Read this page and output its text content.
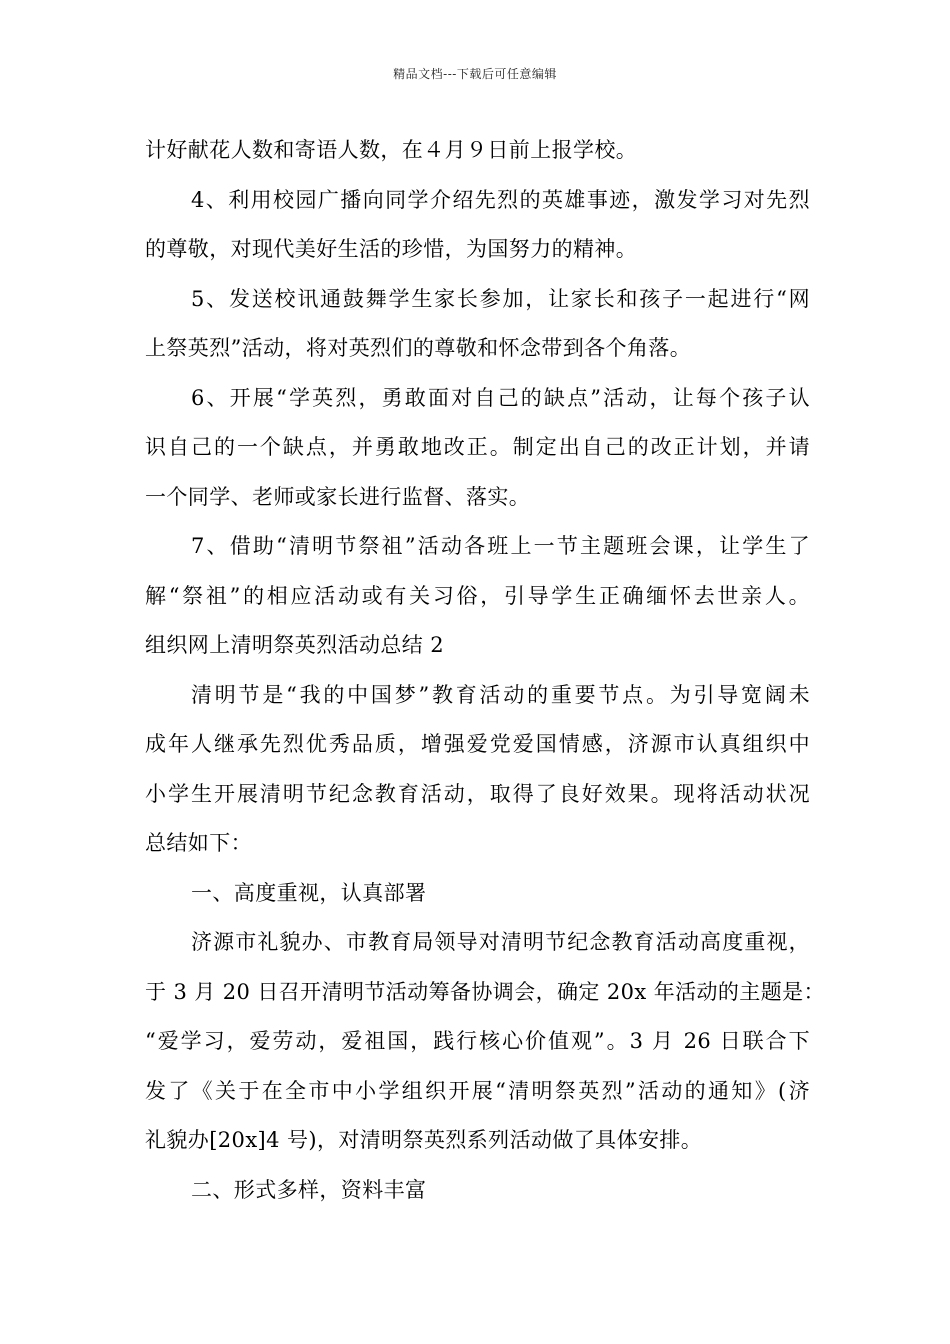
精品文档---下载后可任意编辑
计好献花人数和寄语人数，在４月９日前上报学校。
4、利用校园广播向同学介绍先烈的英雄事迹，激发学习对先烈
的尊敬，对现代美好生活的珍惜，为国努力的精神。
5、发送校讯通鼓舞学生家长参加，让家长和孩子一起进行“网
上祭英烈”活动，将对英烈们的尊敬和怀念带到各个角落。
6、开展“学英烈，勇敢面对自己的缺点”活动，让每个孩子认
识自己的一个缺点，并勇敢地改正。制定出自己的改正计划，并请
一个同学、老师或家长进行监督、落实。
7、借助“清明节祭祖”活动各班上一节主题班会课，让学生了
解“祭祖”的相应活动或有关习俗，引导学生正确缅怀去世亲人。
组织网上清明祭英烈活动总结 2
清明节是“我的中国梦”教育活动的重要节点。为引导宽阔未
成年人继承先烈优秀品质，增强爱党爱国情感，济源市认真组织中
小学生开展清明节纪念教育活动，取得了良好效果。现将活动状况
总结如下：
一、高度重视，认真部署
济源市礼貌办、市教育局领导对清明节纪念教育活动高度重视，
于 3 月 20 日召开清明节活动筹备协调会，确定 20x 年活动的主题是：
“爱学习，爱劳动，爱祖国，践行核心价值观”。3 月 26 日联合下
发了《关于在全市中小学组织开展“清明祭英烈”活动的通知》(济
礼貌办[20x]4 号)，对清明祭英烈系列活动做了具体安排。
二、形式多样，资料丰富
